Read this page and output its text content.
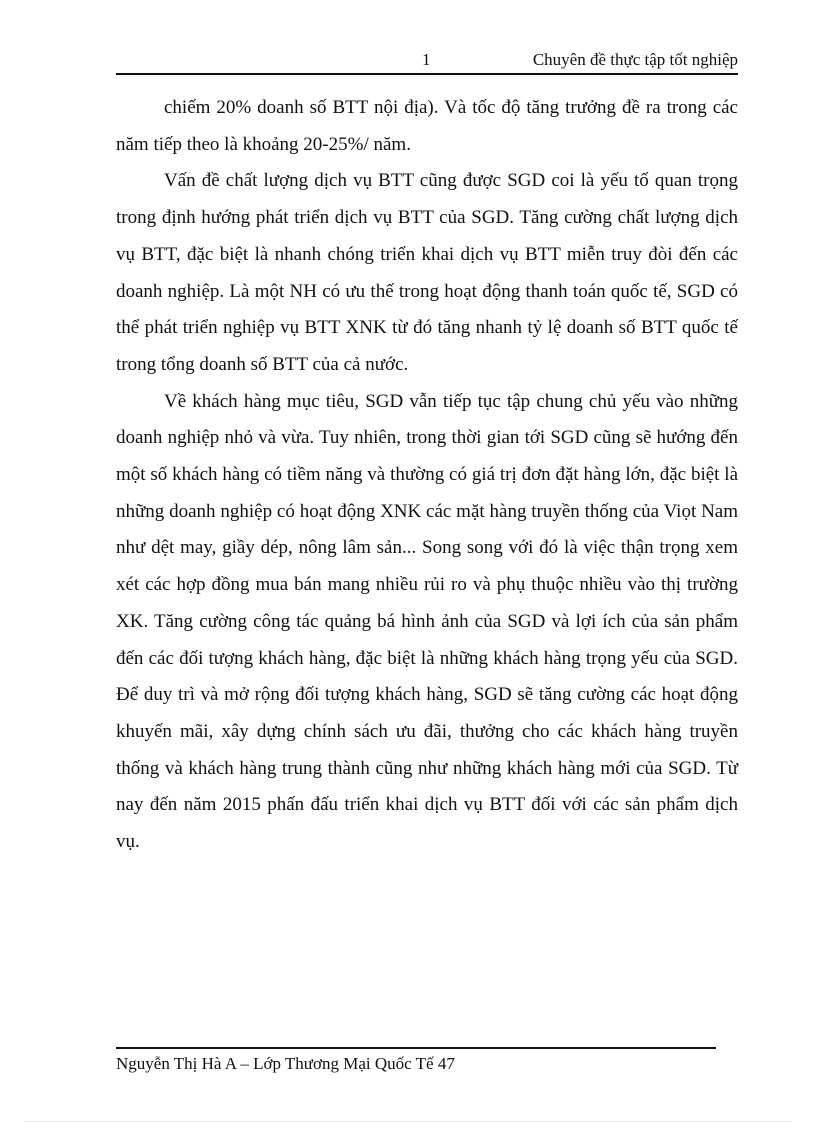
1	Chuyên đề thực tập tốt nghiệp

chiếm 20% doanh số BTT nội địa). Và tốc độ tăng trưởng đề ra trong các năm tiếp theo là khoảng 20-25%/ năm.

Vấn đề chất lượng dịch vụ BTT cũng được SGD coi là yếu tố quan trọng trong định hướng phát triển dịch vụ BTT của SGD. Tăng cường chất lượng dịch vụ BTT, đặc biệt là nhanh chóng triển khai dịch vụ BTT miễn truy đòi đến các doanh nghiệp. Là một NH có ưu thế trong hoạt động thanh toán quốc tế, SGD có thể phát triển nghiệp vụ BTT XNK từ đó tăng nhanh tỷ lệ doanh số BTT quốc tế trong tổng doanh số BTT của cả nước.

Về khách hàng mục tiêu, SGD vẫn tiếp tục tập chung chủ yếu vào những doanh nghiệp nhỏ và vừa. Tuy nhiên, trong thời gian tới SGD cũng sẽ hướng đến một số khách hàng có tiềm năng và thường có giá trị đơn đặt hàng lớn, đặc biệt là những doanh nghiệp có hoạt động XNK các mặt hàng truyền thống của Viọt Nam như dệt may, giầy dép, nông lâm sản... Song song với đó là việc thận trọng xem xét các hợp đồng mua bán mang nhiều rủi ro và phụ thuộc nhiều vào thị trường XK. Tăng cường công tác quảng bá hình ảnh của SGD và lợi ích của sản phẩm đến các đối tượng khách hàng, đặc biệt là những khách hàng trọng yếu của SGD. Để duy trì và mở rộng đối tượng khách hàng, SGD sẽ tăng cường các hoạt động khuyến mãi, xây dựng chính sách ưu đãi, thưởng cho các khách hàng truyền thống và khách hàng trung thành cũng như những khách hàng mới của SGD. Từ nay đến năm 2015 phấn đấu triển khai dịch vụ BTT đối với các sản phẩm dịch vụ.

Nguyễn Thị Hà A – Lớp Thương Mại Quốc Tế 47
